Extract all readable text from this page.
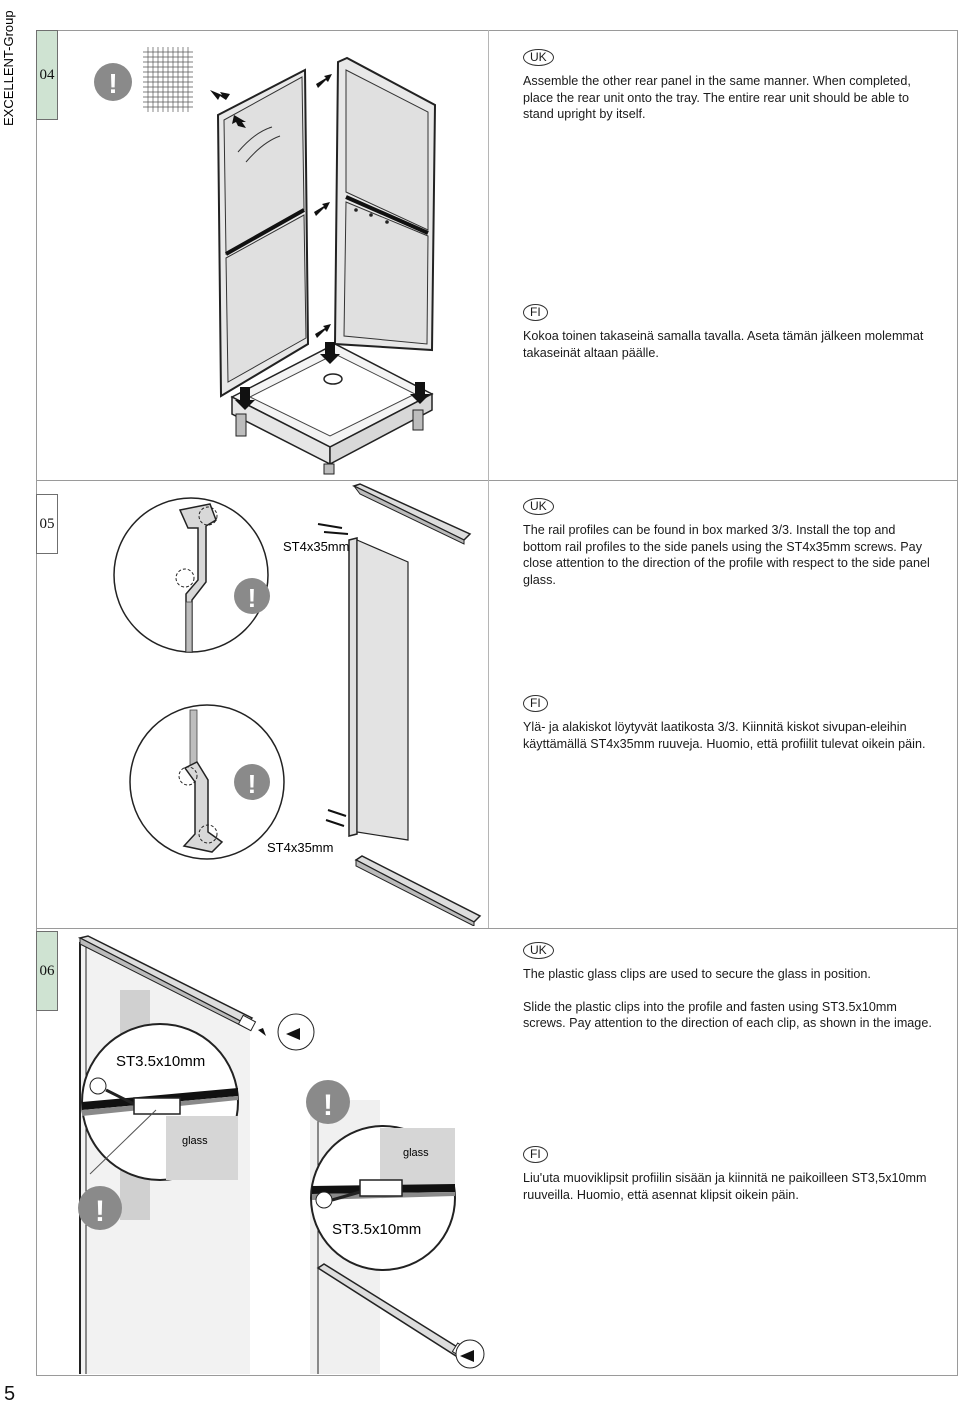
EXCELLENT-Group
5
04
05
06
!
UK
Assemble the other rear panel in the same manner. When completed, place the rear unit onto the tray. The entire rear unit should be able to stand upright by itself.
FI
Kokoa toinen takaseinä samalla tavalla. Aseta tämän jälkeen molemmat takaseinät altaan päälle.
!
ST4x35mm
!
ST4x35mm
UK
The rail profiles can be found in box marked 3/3. Install the top and bottom rail profiles to the side panels using the ST4x35mm screws. Pay close attention to the direction of the profile with respect to the side panel glass.
FI
Ylä- ja alakiskot löytyvät laatikosta 3/3. Kiinnitä kiskot sivupan-eleihin käyttämällä ST4x35mm ruuveja. Huomio, että profiilit tulevat oikein päin.
glass
ST3.5x10mm
!
!
glass
ST3.5x10mm
UK
The plastic glass clips are used to secure the glass in position.
Slide the plastic clips into the profile and fasten using ST3.5x10mm screws. Pay attention to the direction of each clip, as shown in the image.
FI
Liu'uta muoviklipsit profiilin sisään ja kiinnitä ne paikoilleen ST3,5x10mm ruuveilla. Huomio, että asennat klipsit oikein päin.
